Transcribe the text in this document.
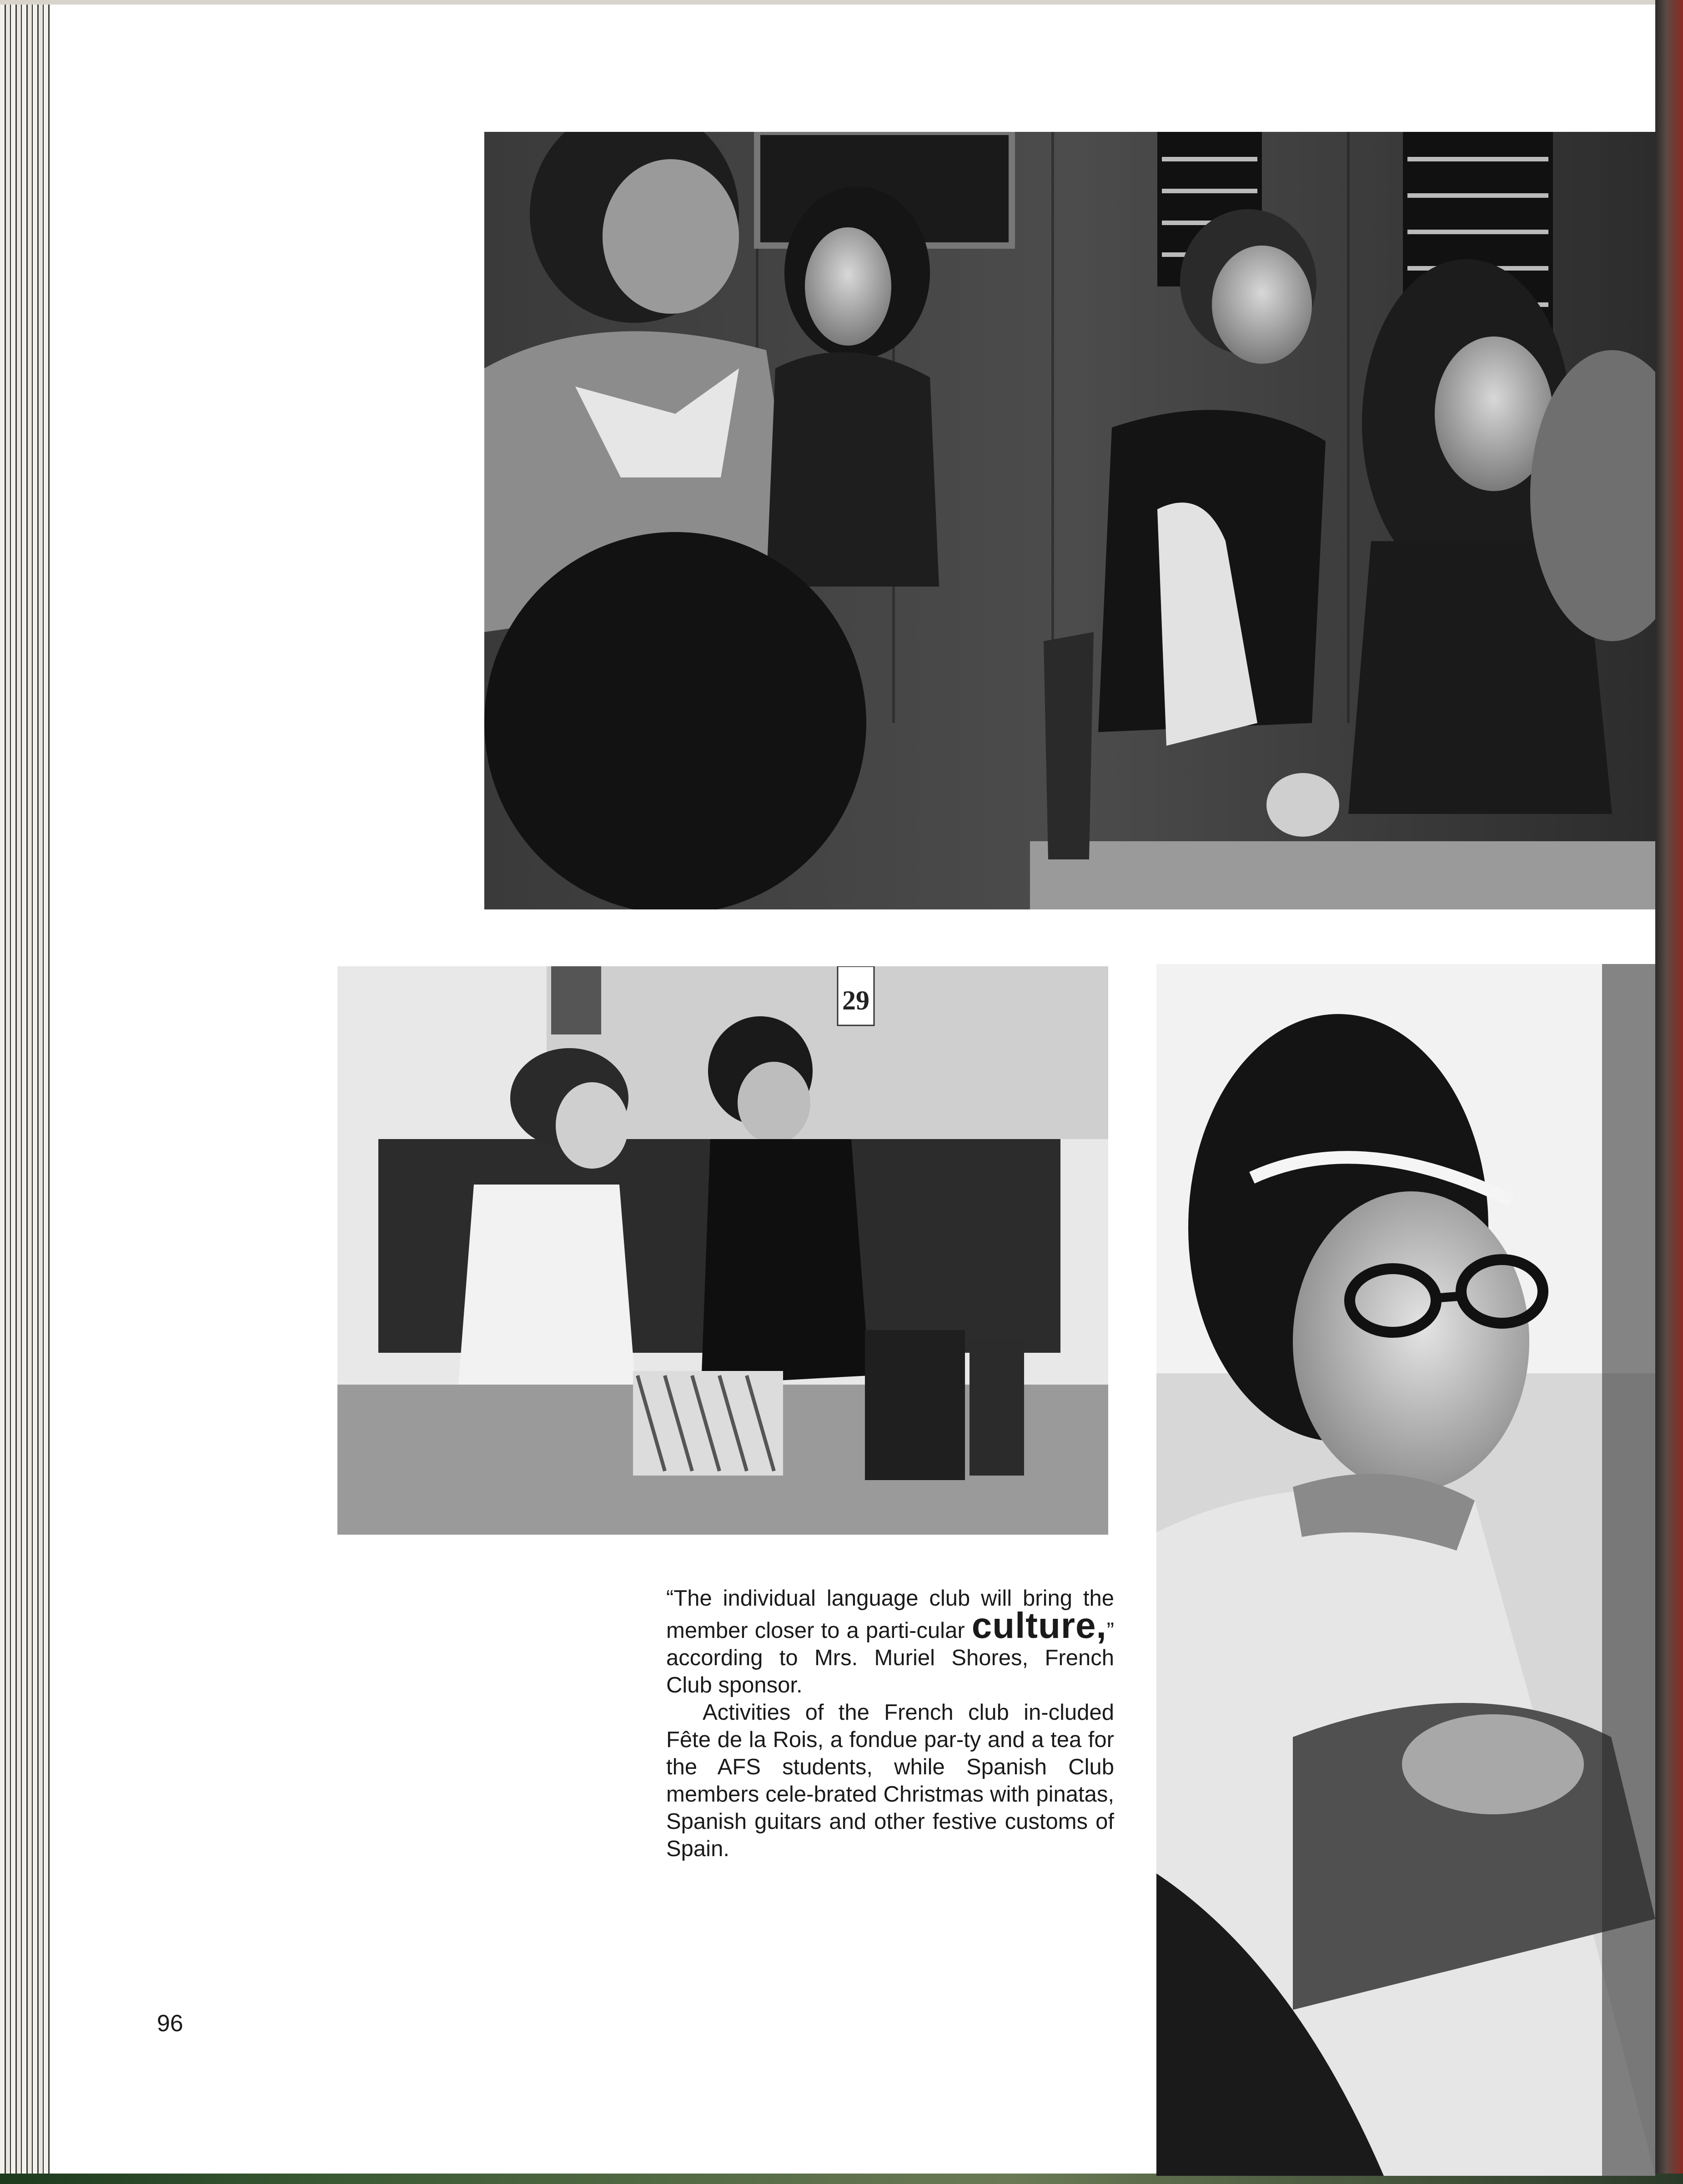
29

“The individual language club will bring the member closer to a parti-cular culture,” according to Mrs. Muriel Shores, French Club sponsor.

Activities of the French club in-cluded Fête de la Rois, a fondue par-ty and a tea for the AFS students, while Spanish Club members cele-brated Christmas with pinatas, Spanish guitars and other festive customs of Spain.

96
